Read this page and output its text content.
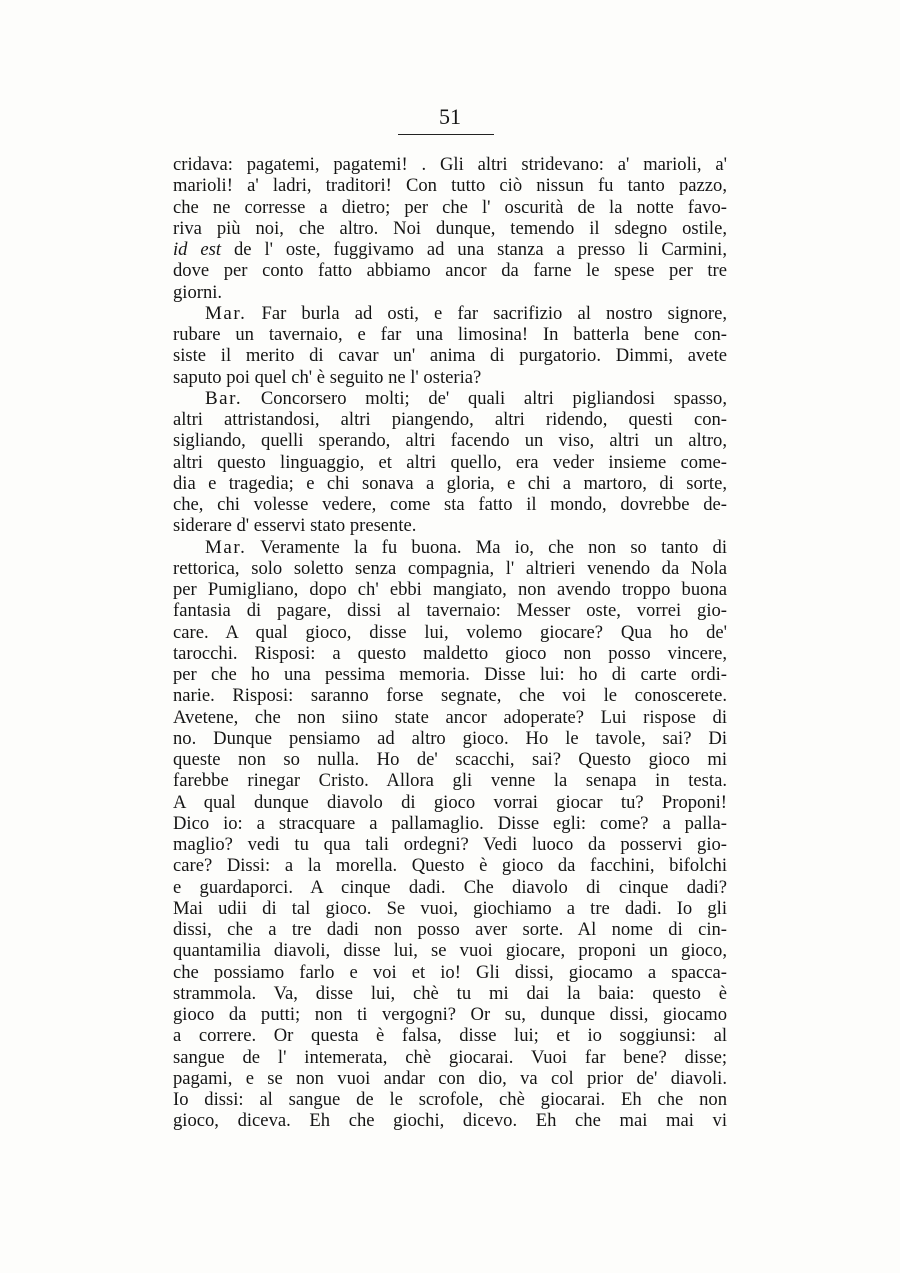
51
cridava: pagatemi, pagatemi! . Gli altri stridevano: a' marioli, a'
marioli! a' ladri, traditori! Con tutto ciò nissun fu tanto pazzo,
che ne corresse a dietro; per che l' oscurità de la notte favo-
riva più noi, che altro. Noi dunque, temendo il sdegno ostile,
id est de l' oste, fuggivamo ad una stanza a presso li Carmini,
dove per conto fatto abbiamo ancor da farne le spese per tre
giorni.
Mar. Far burla ad osti, e far sacrifizio al nostro signore,
rubare un tavernaio, e far una limosina! In batterla bene con-
siste il merito di cavar un' anima di purgatorio. Dimmi, avete
saputo poi quel ch' è seguito ne l' osteria?
Bar. Concorsero molti; de' quali altri pigliandosi spasso,
altri attristandosi, altri piangendo, altri ridendo, questi con-
sigliando, quelli sperando, altri facendo un viso, altri un altro,
altri questo linguaggio, et altri quello, era veder insieme come-
dia e tragedia; e chi sonava a gloria, e chi a martoro, di sorte,
che, chi volesse vedere, come sta fatto il mondo, dovrebbe de-
siderare d' esservi stato presente.
Mar. Veramente la fu buona. Ma io, che non so tanto di
rettorica, solo soletto senza compagnia, l' altrieri venendo da Nola
per Pumigliano, dopo ch' ebbi mangiato, non avendo troppo buona
fantasia di pagare, dissi al tavernaio: Messer oste, vorrei gio-
care. A qual gioco, disse lui, volemo giocare? Qua ho de'
tarocchi. Risposi: a questo maldetto gioco non posso vincere,
per che ho una pessima memoria. Disse lui: ho di carte ordi-
narie. Risposi: saranno forse segnate, che voi le conoscerete.
Avetene, che non siino state ancor adoperate? Lui rispose di
no. Dunque pensiamo ad altro gioco. Ho le tavole, sai? Di
queste non so nulla. Ho de' scacchi, sai? Questo gioco mi
farebbe rinegar Cristo. Allora gli venne la senapa in testa.
A qual dunque diavolo di gioco vorrai giocar tu? Proponi!
Dico io: a stracquare a pallamaglio. Disse egli: come? a palla-
maglio? vedi tu qua tali ordegni? Vedi luoco da posservi gio-
care? Dissi: a la morella. Questo è gioco da facchini, bifolchi
e guardaporci. A cinque dadi. Che diavolo di cinque dadi?
Mai udii di tal gioco. Se vuoi, giochiamo a tre dadi. Io gli
dissi, che a tre dadi non posso aver sorte. Al nome di cin-
quantamilia diavoli, disse lui, se vuoi giocare, proponi un gioco,
che possiamo farlo e voi et io! Gli dissi, giocamo a spacca-
strammola. Va, disse lui, chè tu mi dai la baia: questo è
gioco da putti; non ti vergogni? Or su, dunque dissi, giocamo
a correre. Or questa è falsa, disse lui; et io soggiunsi: al
sangue de l' intemerata, chè giocarai. Vuoi far bene? disse;
pagami, e se non vuoi andar con dio, va col prior de' diavoli.
Io dissi: al sangue de le scrofole, chè giocarai. Eh che non
gioco, diceva. Eh che giochi, dicevo. Eh che mai mai vi
